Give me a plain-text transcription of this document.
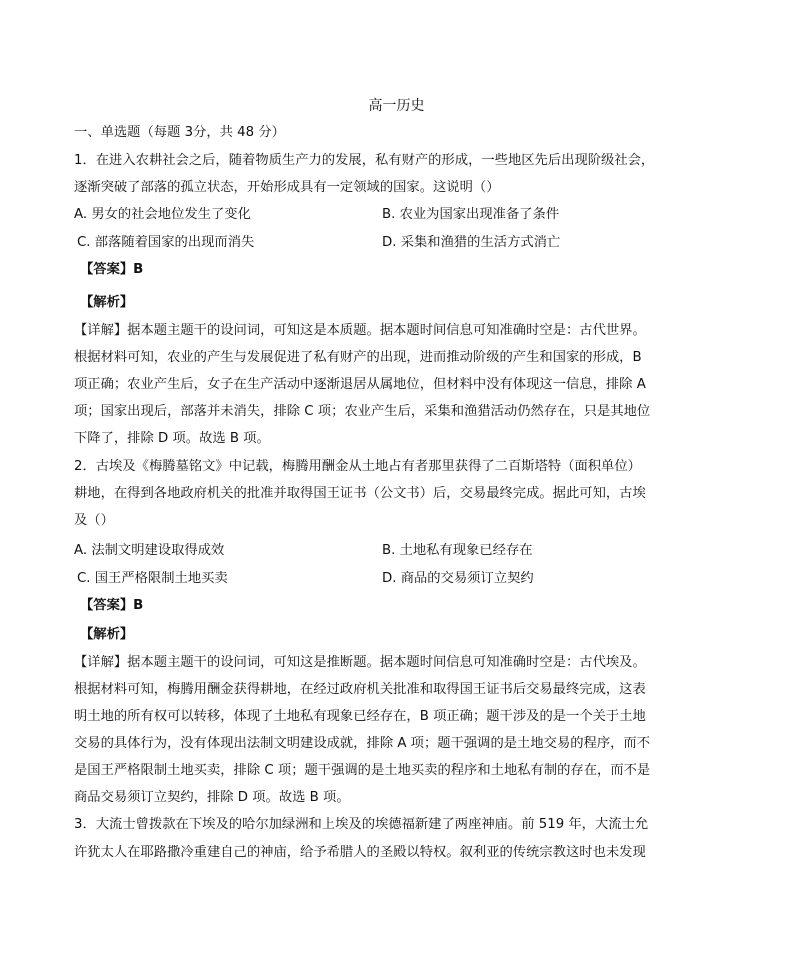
高一历史
一、单选题（每题 3分，共 48 分）
1．在进入农耕社会之后，随着物质生产力的发展，私有财产的形成，一些地区先后出现阶级社会，
逐渐突破了部落的孤立状态，开始形成具有一定领域的国家。这说明（）
A. 男女的社会地位发生了变化	B. 农业为国家出现准备了条件
C. 部落随着国家的出现而消失	D. 采集和渔猎的生活方式消亡
【答案】B
【解析】
【详解】据本题主题干的设问词，可知这是本质题。据本题时间信息可知准确时空是：古代世界。
根据材料可知，农业的产生与发展促进了私有财产的出现，进而推动阶级的产生和国家的形成，B
项正确；农业产生后，女子在生产活动中逐渐退居从属地位，但材料中没有体现这一信息，排除 A
项；国家出现后，部落并未消失，排除 C 项；农业产生后，采集和渔猎活动仍然存在，只是其地位
下降了，排除 D 项。故选 B 项。
2．古埃及《梅腾墓铭文》中记载，梅腾用酬金从土地占有者那里获得了二百斯塔特（面积单位）
耕地，在得到各地政府机关的批准并取得国王证书（公文书）后，交易最终完成。据此可知，古埃
及（）
A. 法制文明建设取得成效	B. 土地私有现象已经存在
C. 国王严格限制土地买卖	D. 商品的交易须订立契约
【答案】B
【解析】
【详解】据本题主题干的设问词，可知这是推断题。据本题时间信息可知准确时空是：古代埃及。
根据材料可知，梅腾用酬金获得耕地，在经过政府机关批准和取得国王证书后交易最终完成，这表
明土地的所有权可以转移，体现了土地私有现象已经存在，B 项正确；题干涉及的是一个关于土地
交易的具体行为，没有体现出法制文明建设成就，排除 A 项；题干强调的是土地交易的程序，而不
是国王严格限制土地买卖，排除 C 项；题干强调的是土地买卖的程序和土地私有制的存在，而不是
商品交易须订立契约，排除 D 项。故选 B 项。
3．大流士曾拨款在下埃及的哈尔加绿洲和上埃及的埃德福新建了两座神庙。前 519 年，大流士允
许犹太人在耶路撒冷重建自己的神庙，给予希腊人的圣殿以特权。叙利亚的传统宗教这时也未发现
